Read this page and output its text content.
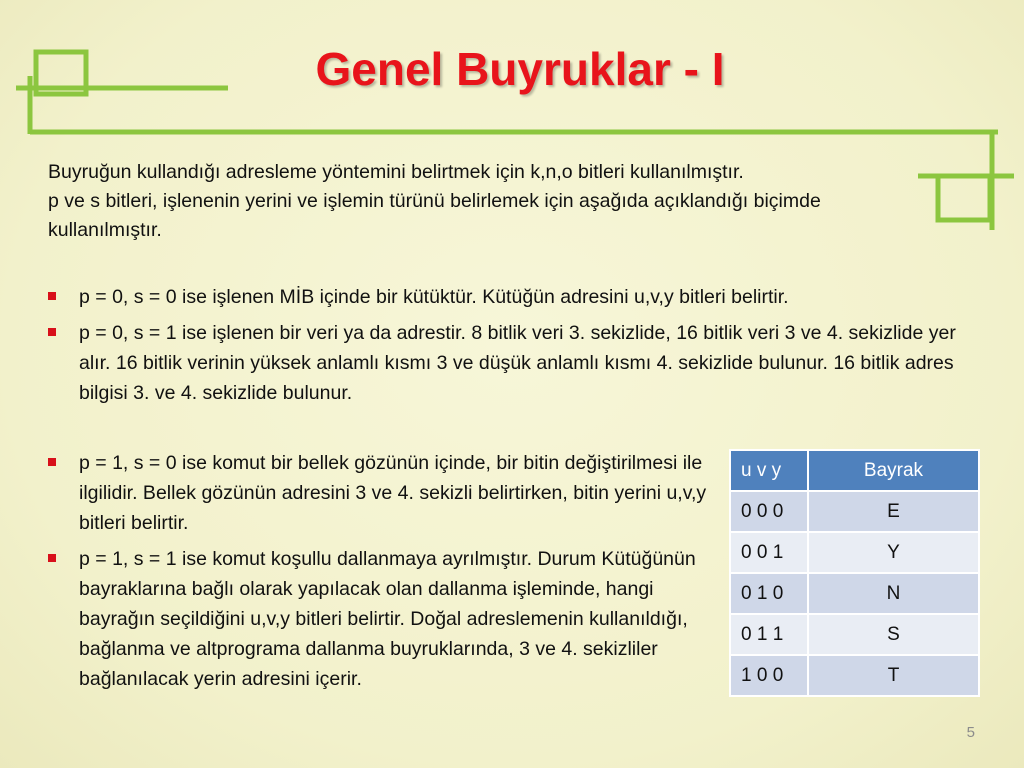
Genel Buyruklar - I

Buyruğun kullandığı adresleme yöntemini belirtmek için k,n,o bitleri kullanılmıştır.

p ve s bitleri, işlenenin yerini ve işlemin türünü belirlemek için aşağıda açıklandığı biçimde kullanılmıştır.

p = 0, s = 0 ise işlenen MİB içinde bir kütüktür. Kütüğün adresini u,v,y bitleri belirtir.
p = 0, s = 1 ise işlenen bir veri ya da adrestir. 8 bitlik veri 3. sekizlide, 16 bitlik veri 3 ve 4. sekizlide yer alır. 16 bitlik verinin yüksek anlamlı kısmı 3 ve düşük anlamlı kısmı 4. sekizlide bulunur. 16 bitlik adres bilgisi 3. ve 4. sekizlide bulunur.
p = 1, s = 0 ise komut bir bellek gözünün içinde, bir bitin değiştirilmesi ile ilgilidir. Bellek gözünün adresini 3 ve 4. sekizli belirtirken, bitin yerini u,v,y bitleri belirtir.
p = 1, s = 1 ise komut koşullu dallanmaya ayrılmıştır. Durum Kütüğünün bayraklarına bağlı olarak yapılacak olan dallanma işleminde, hangi bayrağın seçildiğini u,v,y bitleri belirtir. Doğal adreslemenin kullanıldığı, bağlanma ve altprograma dallanma buyruklarında, 3 ve 4. sekizliler bağlanılacak yerin adresini içerir.
u v y	Bayrak
0 0 0	E
0 0 1	Y
0 1 0	N
0 1 1	S
1 0 0	T
5
